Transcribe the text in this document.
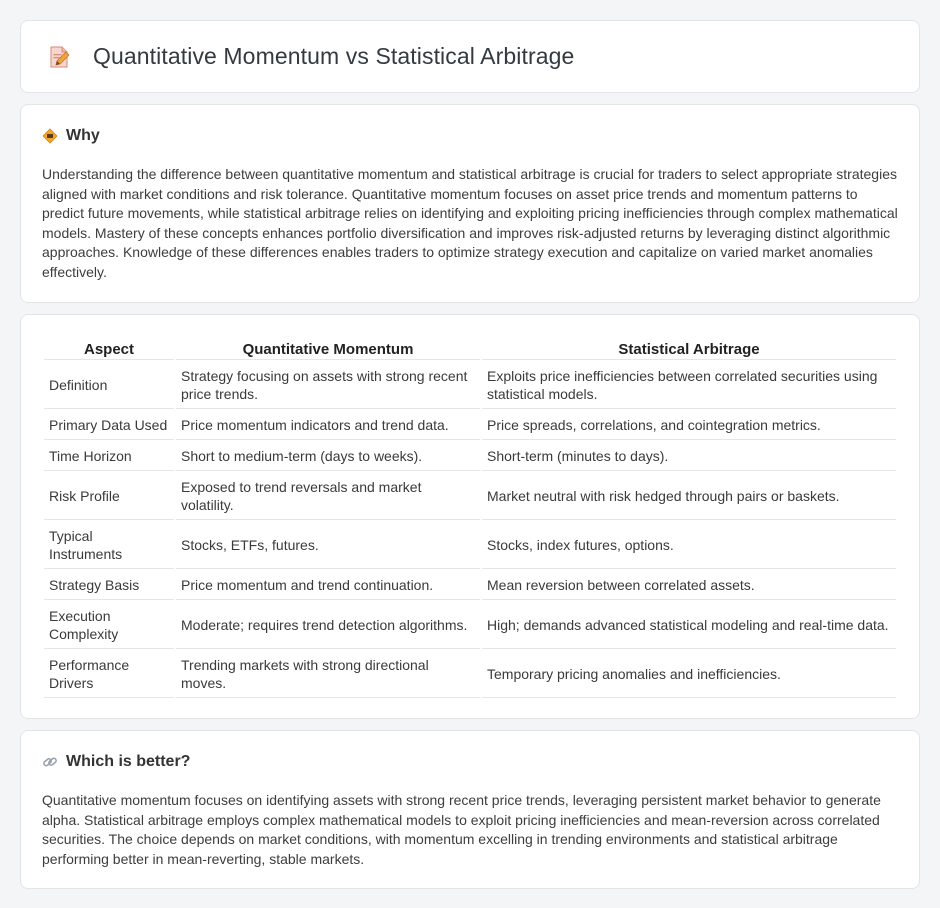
Quantitative Momentum vs Statistical Arbitrage
Why

Understanding the difference between quantitative momentum and statistical arbitrage is crucial for traders to select appropriate strategies aligned with market conditions and risk tolerance. Quantitative momentum focuses on asset price trends and momentum patterns to predict future movements, while statistical arbitrage relies on identifying and exploiting pricing inefficiencies through complex mathematical models. Mastery of these concepts enhances portfolio diversification and improves risk-adjusted returns by leveraging distinct algorithmic approaches. Knowledge of these differences enables traders to optimize strategy execution and capitalize on varied market anomalies effectively.

Aspect	Quantitative Momentum	Statistical Arbitrage
Definition	Strategy focusing on assets with strong recent price trends.	Exploits price inefficiencies between correlated securities using statistical models.
Primary Data Used	Price momentum indicators and trend data.	Price spreads, correlations, and cointegration metrics.
Time Horizon	Short to medium-term (days to weeks).	Short-term (minutes to days).
Risk Profile	Exposed to trend reversals and market volatility.	Market neutral with risk hedged through pairs or baskets.
Typical Instruments	Stocks, ETFs, futures.	Stocks, index futures, options.
Strategy Basis	Price momentum and trend continuation.	Mean reversion between correlated assets.
Execution Complexity	Moderate; requires trend detection algorithms.	High; demands advanced statistical modeling and real-time data.
Performance Drivers	Trending markets with strong directional moves.	Temporary pricing anomalies and inefficiencies.
Which is better?

Quantitative momentum focuses on identifying assets with strong recent price trends, leveraging persistent market behavior to generate alpha. Statistical arbitrage employs complex mathematical models to exploit pricing inefficiencies and mean-reversion across correlated securities. The choice depends on market conditions, with momentum excelling in trending environments and statistical arbitrage performing better in mean-reverting, stable markets.
